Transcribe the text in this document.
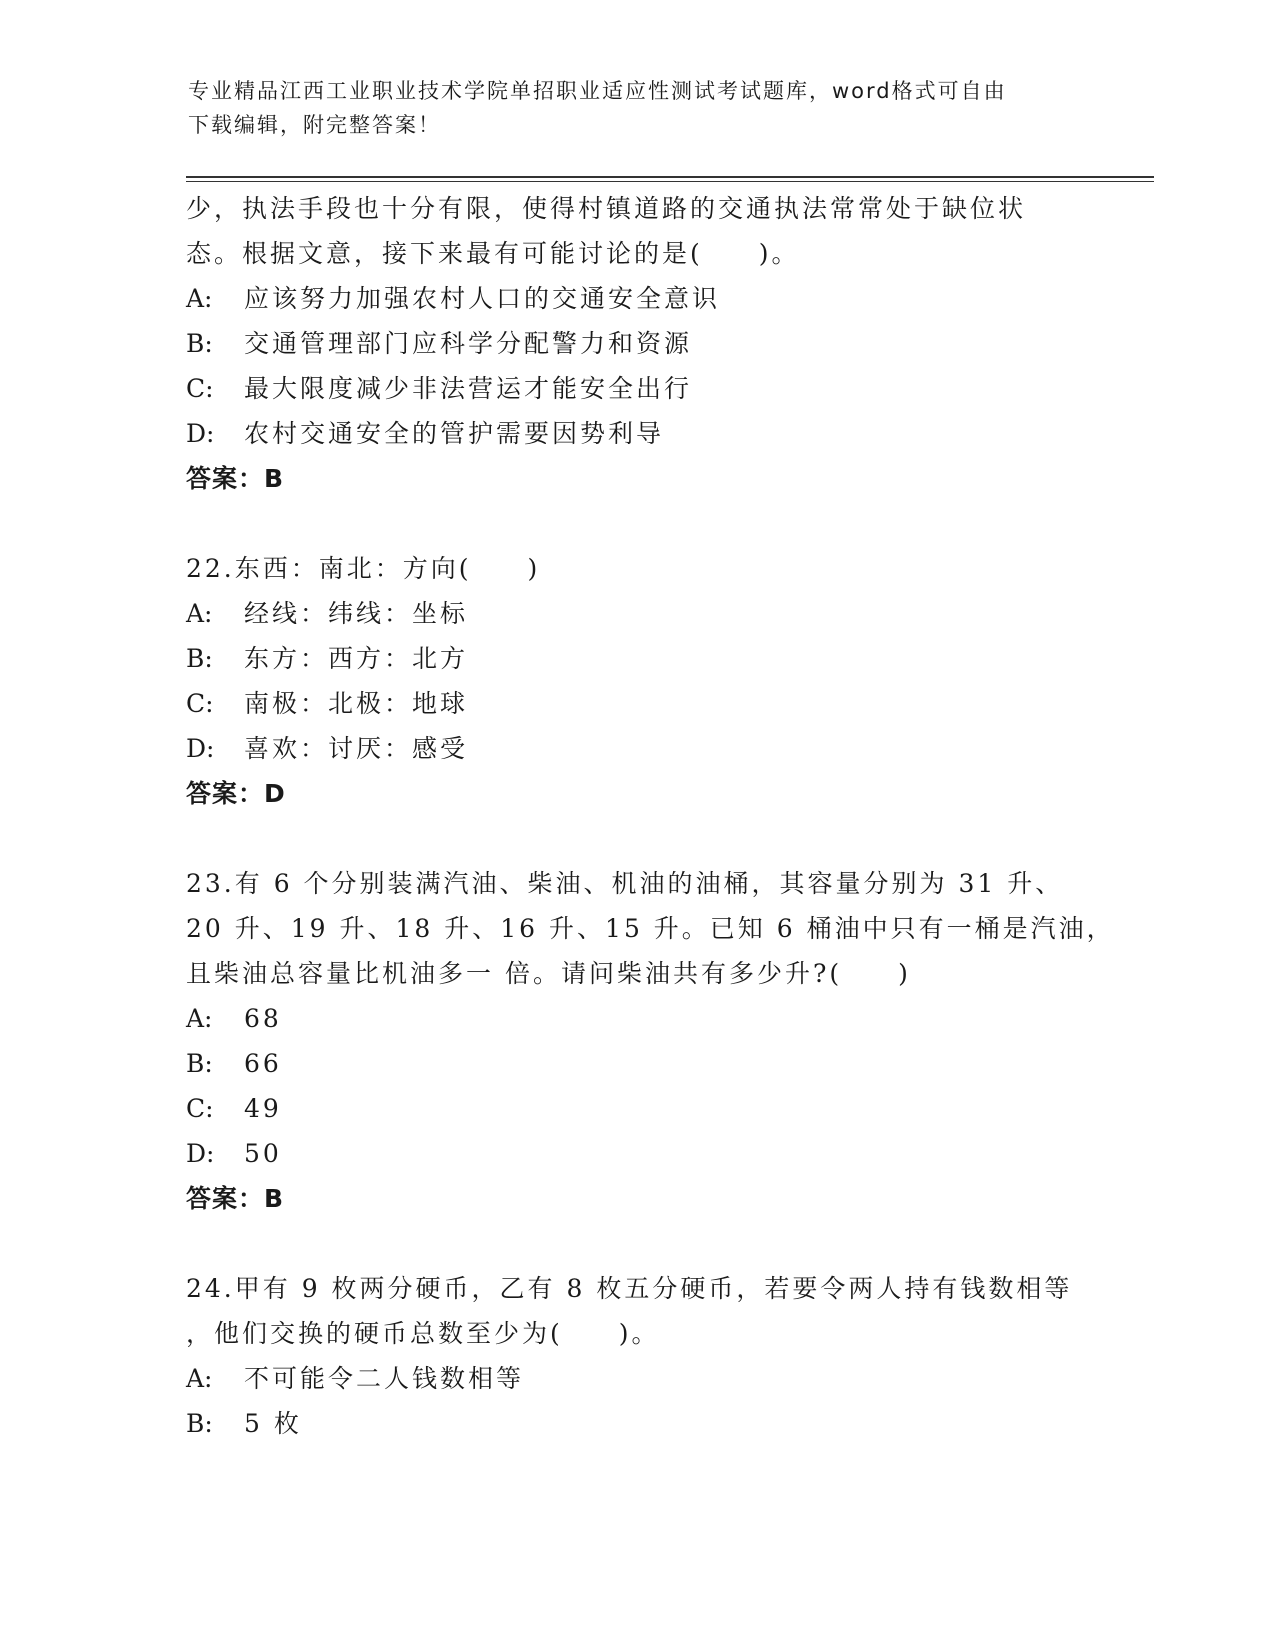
专业精品江西工业职业技术学院单招职业适应性测试考试题库，word格式可自由
下载编辑，附完整答案！
少，执法手段也十分有限，使得村镇道路的交通执法常常处于缺位状
态。根据文意，接下来最有可能讨论的是(　　)。
A: 应该努力加强农村人口的交通安全意识
B: 交通管理部门应科学分配警力和资源
C: 最大限度减少非法营运才能安全出行
D: 农村交通安全的管护需要因势利导
答案：B
22.东西：南北：方向(　　)
A: 经线：纬线：坐标
B: 东方：西方：北方
C: 南极：北极：地球
D: 喜欢：讨厌：感受
答案：D
23.有 6 个分别装满汽油、柴油、机油的油桶，其容量分别为 31 升、
20 升、19 升、18 升、16 升、15 升。已知 6 桶油中只有一桶是汽油，
且柴油总容量比机油多一 倍。请问柴油共有多少升?(　　)
A: 68
B: 66
C: 49
D: 50
答案：B
24.甲有 9 枚两分硬币，乙有 8 枚五分硬币，若要令两人持有钱数相等
，他们交换的硬币总数至少为(　　)。
A: 不可能令二人钱数相等
B: 5 枚
